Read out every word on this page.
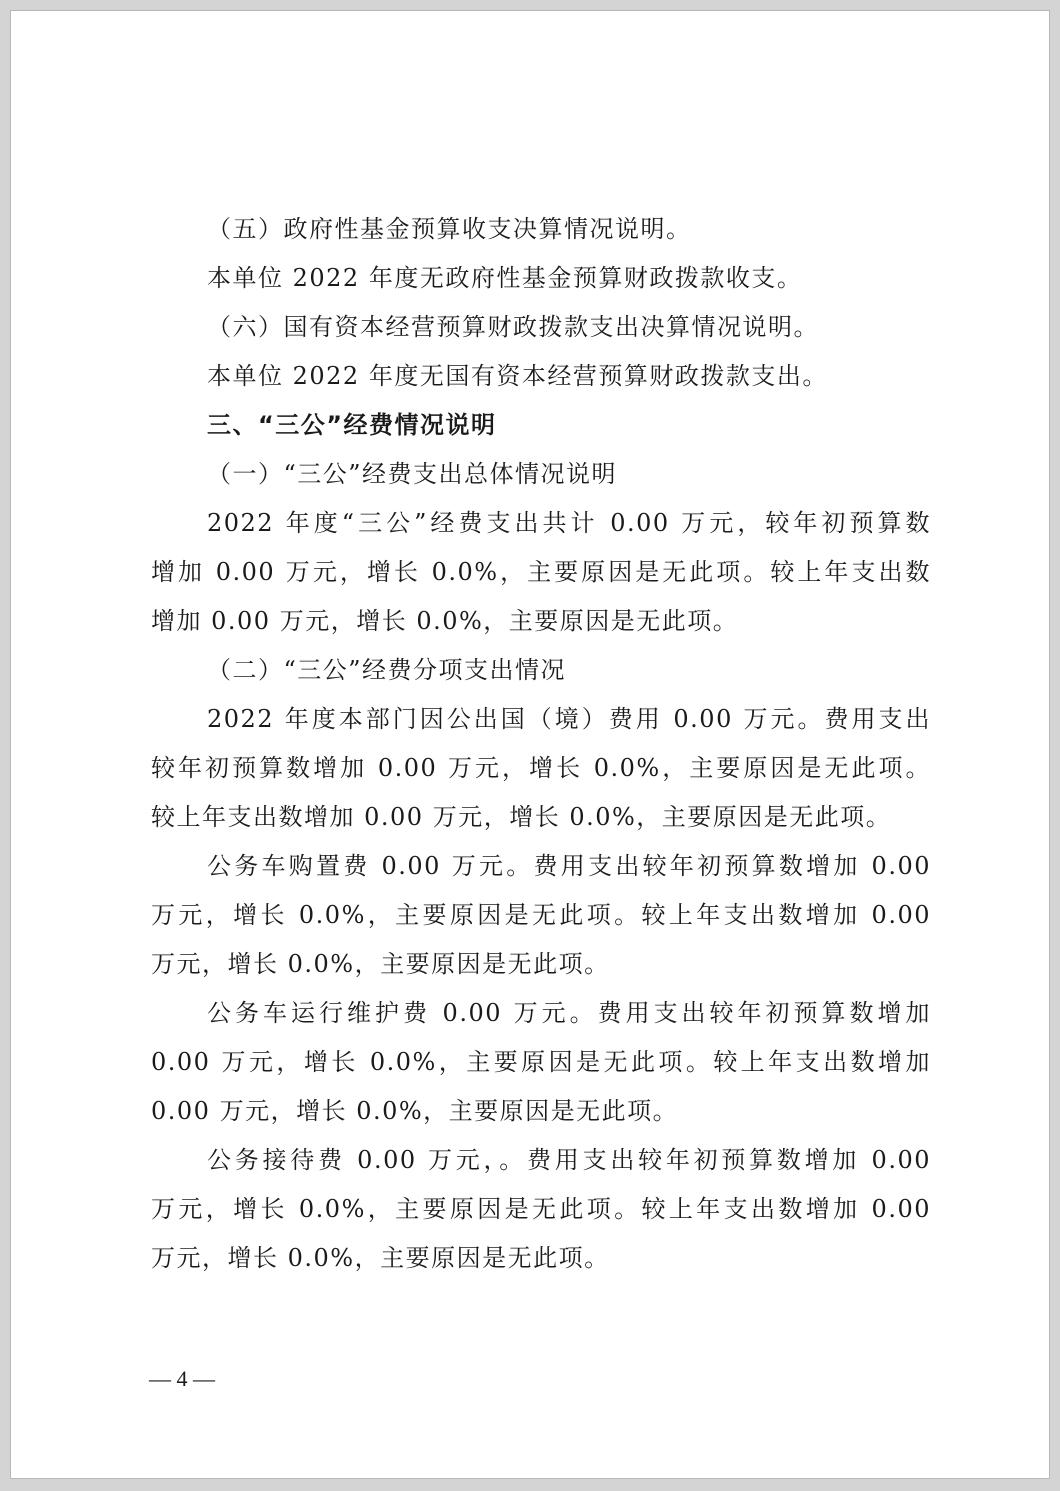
（五）政府性基金预算收支决算情况说明。
本单位 2022 年度无政府性基金预算财政拨款收支。
（六）国有资本经营预算财政拨款支出决算情况说明。
本单位 2022 年度无国有资本经营预算财政拨款支出。
三、“三公”经费情况说明
（一）“三公”经费支出总体情况说明
2022 年度“三公”经费支出共计 0.00 万元，较年初预算数
增加 0.00 万元，增长 0.0%，主要原因是无此项。较上年支出数
增加 0.00 万元，增长 0.0%，主要原因是无此项。
（二）“三公”经费分项支出情况
2022 年度本部门因公出国（境）费用 0.00 万元。费用支出
较年初预算数增加 0.00 万元，增长 0.0%，主要原因是无此项。
较上年支出数增加 0.00 万元，增长 0.0%，主要原因是无此项。
公务车购置费 0.00 万元。费用支出较年初预算数增加 0.00
万元，增长 0.0%，主要原因是无此项。较上年支出数增加 0.00
万元，增长 0.0%，主要原因是无此项。
公务车运行维护费 0.00 万元。费用支出较年初预算数增加
0.00 万元，增长 0.0%，主要原因是无此项。较上年支出数增加
0.00 万元，增长 0.0%，主要原因是无此项。
公务接待费 0.00 万元，。费用支出较年初预算数增加 0.00
万元，增长 0.0%，主要原因是无此项。较上年支出数增加 0.00
万元，增长 0.0%，主要原因是无此项。
— 4 —
